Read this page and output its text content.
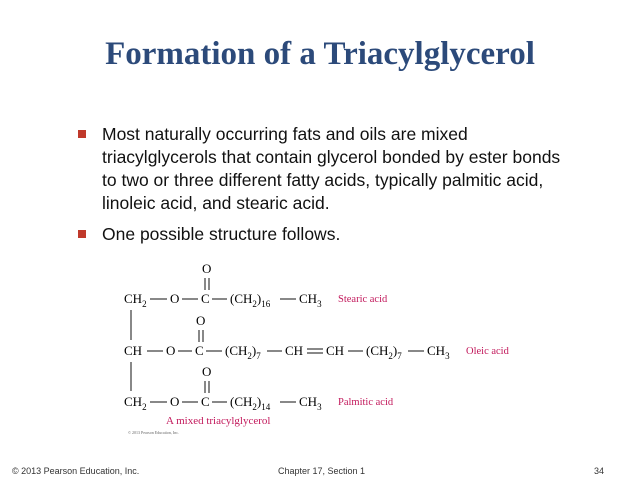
Formation of a Triacylglycerol
Most naturally occurring fats and oils are mixed triacylglycerols that contain glycerol bonded by ester bonds to two or three different fatty acids, typically palmitic acid, linoleic acid, and stearic acid.
One possible structure follows.
O
$CH_2$ O C $(CH_2)_{16}$ $CH_3$ Stearic acid
O
CH O C $(CH_2)_7$ CH CH $(CH_2)_7$ $CH_3$ Oleic acid
O
$CH_2$ O C $(CH_2)_{14}$ $CH_3$ Palmitic acid
A mixed triacylglycerol
© 2013 Pearson Education, Inc.
© 2013 Pearson Education, Inc.	Chapter 17, Section 1	34
